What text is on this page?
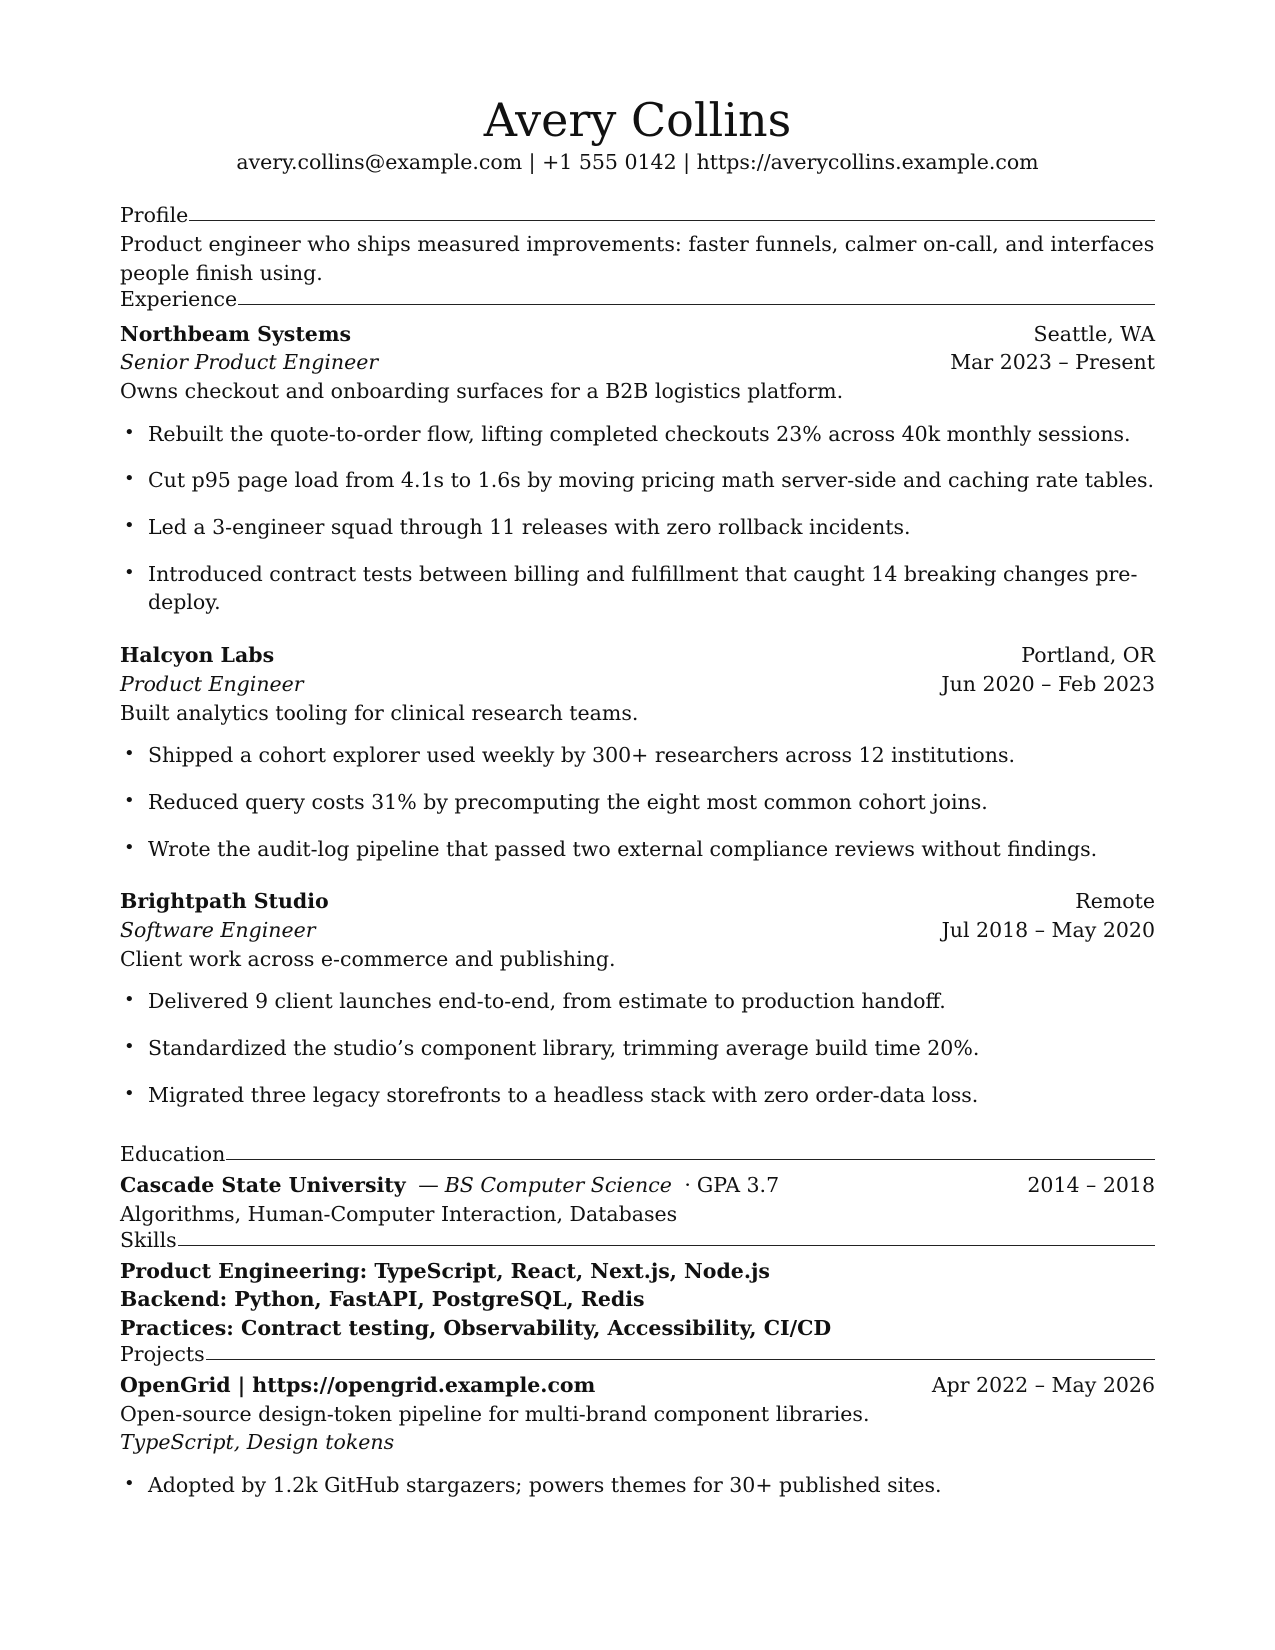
Avery Collins
avery.collins@example.com | +1 555 0142 | https://averycollins.example.com
Profile
Product engineer who ships measured improvements: faster funnels, calmer on-call, and interfaces people finish using.
Experience
Northbeam Systems	Seattle, WA
Senior Product Engineer	Mar 2023 – Present
Owns checkout and onboarding surfaces for a B2B logistics platform.
• Rebuilt the quote-to-order flow, lifting completed checkouts 23% across 40k monthly sessions.
• Cut p95 page load from 4.1s to 1.6s by moving pricing math server-side and caching rate tables.
• Led a 3-engineer squad through 11 releases with zero rollback incidents.
• Introduced contract tests between billing and fulfillment that caught 14 breaking changes pre-deploy.
Halcyon Labs	Portland, OR
Product Engineer	Jun 2020 – Feb 2023
Built analytics tooling for clinical research teams.
• Shipped a cohort explorer used weekly by 300+ researchers across 12 institutions.
• Reduced query costs 31% by precomputing the eight most common cohort joins.
• Wrote the audit-log pipeline that passed two external compliance reviews without findings.
Brightpath Studio	Remote
Software Engineer	Jul 2018 – May 2020
Client work across e-commerce and publishing.
• Delivered 9 client launches end-to-end, from estimate to production handoff.
• Standardized the studio’s component library, trimming average build time 20%.
• Migrated three legacy storefronts to a headless stack with zero order-data loss.
Education
Cascade State University — BS Computer Science · GPA 3.7	2014 – 2018
Algorithms, Human-Computer Interaction, Databases
Skills
Product Engineering: TypeScript, React, Next.js, Node.js
Backend: Python, FastAPI, PostgreSQL, Redis
Practices: Contract testing, Observability, Accessibility, CI/CD
Projects
OpenGrid | https://opengrid.example.com	Apr 2022 – May 2026
Open-source design-token pipeline for multi-brand component libraries.
TypeScript, Design tokens
• Adopted by 1.2k GitHub stargazers; powers themes for 30+ published sites.
